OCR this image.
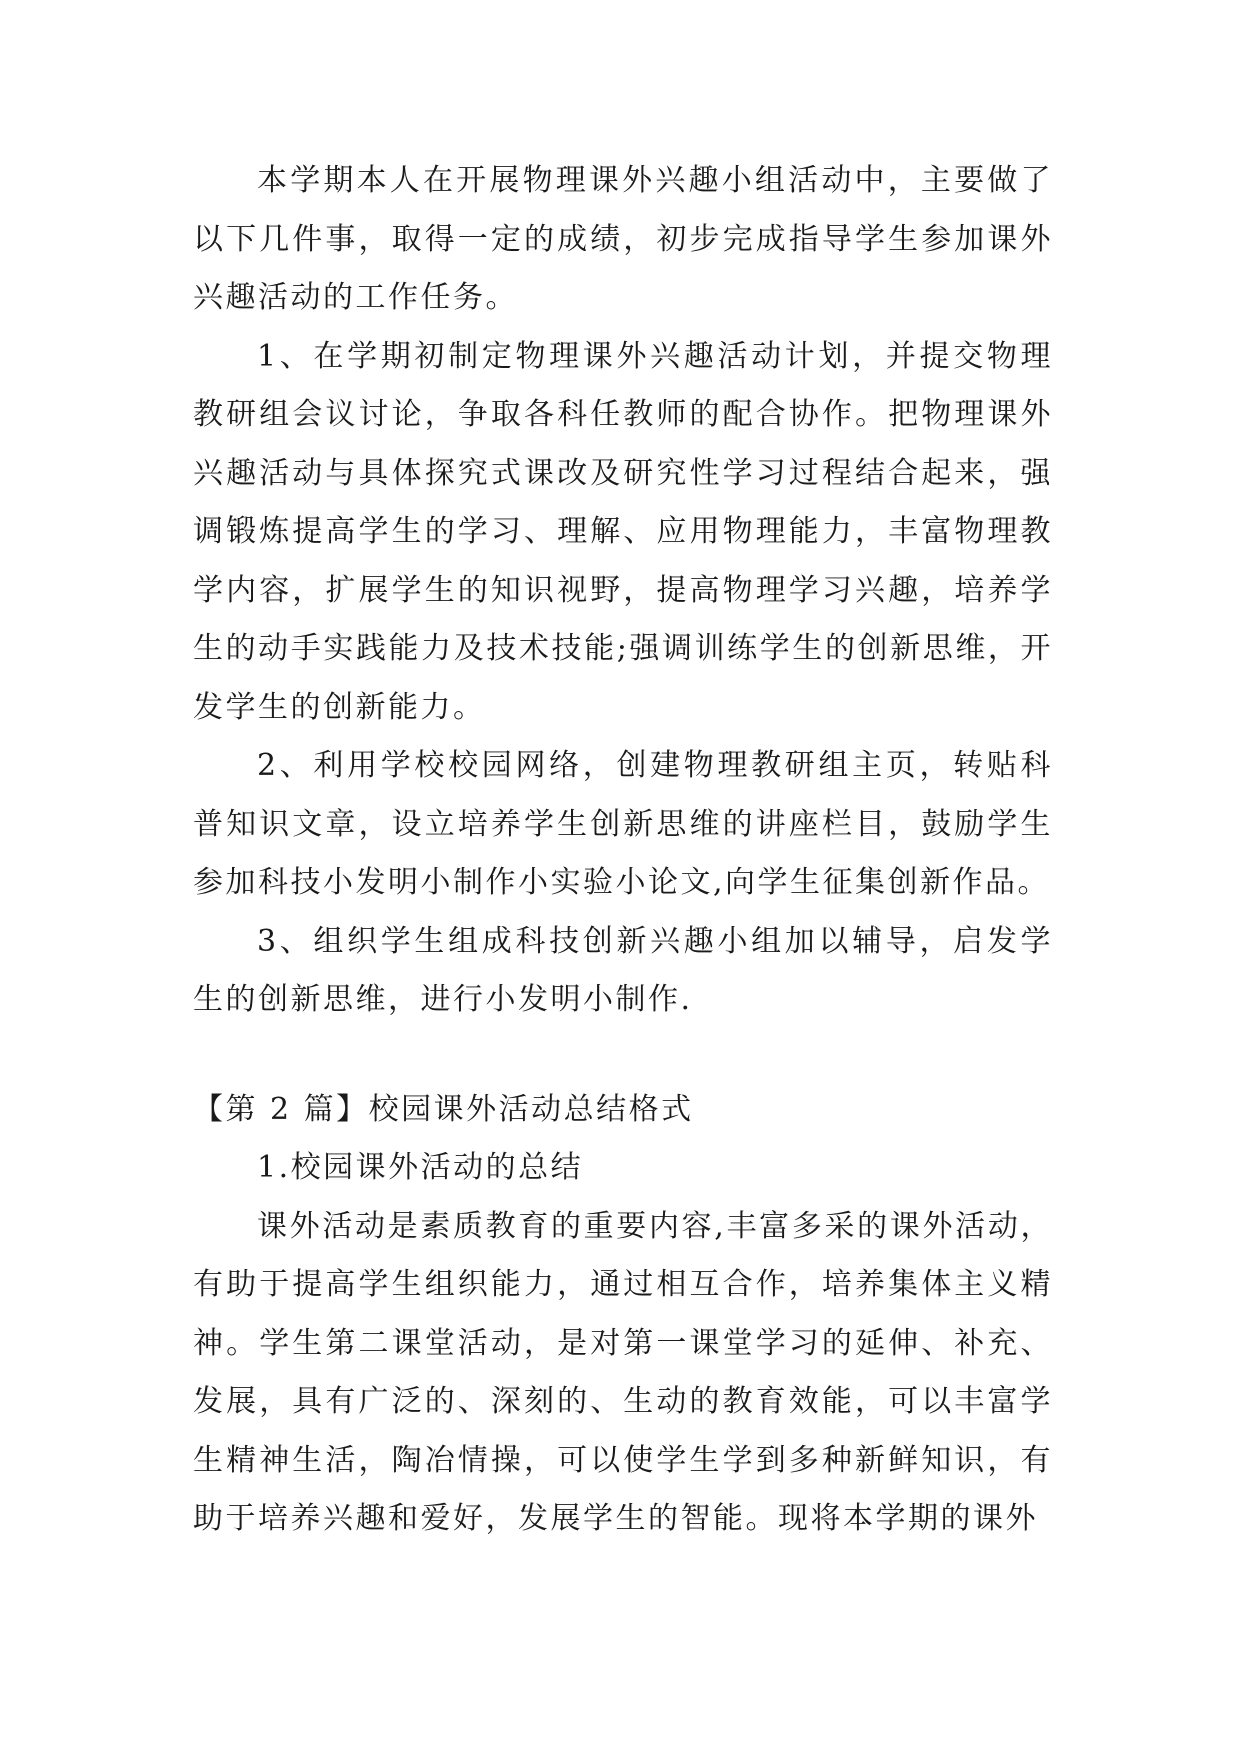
本学期本人在开展物理课外兴趣小组活动中，主要做了以下几件事，取得一定的成绩，初步完成指导学生参加课外兴趣活动的工作任务。

1、在学期初制定物理课外兴趣活动计划，并提交物理教研组会议讨论，争取各科任教师的配合协作。把物理课外兴趣活动与具体探究式课改及研究性学习过程结合起来，强调锻炼提高学生的学习、理解、应用物理能力，丰富物理教学内容，扩展学生的知识视野，提高物理学习兴趣，培养学生的动手实践能力及技术技能;强调训练学生的创新思维，开发学生的创新能力。

2、利用学校校园网络，创建物理教研组主页，转贴科普知识文章，设立培养学生创新思维的讲座栏目，鼓励学生参加科技小发明小制作小实验小论文,向学生征集创新作品。

3、组织学生组成科技创新兴趣小组加以辅导，启发学生的创新思维，进行小发明小制作.

【第 2 篇】校园课外活动总结格式

1.校园课外活动的总结

课外活动是素质教育的重要内容,丰富多采的课外活动，有助于提高学生组织能力，通过相互合作，培养集体主义精神。学生第二课堂活动，是对第一课堂学习的延伸、补充、发展，具有广泛的、深刻的、生动的教育效能，可以丰富学生精神生活，陶冶情操，可以使学生学到多种新鲜知识，有助于培养兴趣和爱好，发展学生的智能。现将本学期的课外
